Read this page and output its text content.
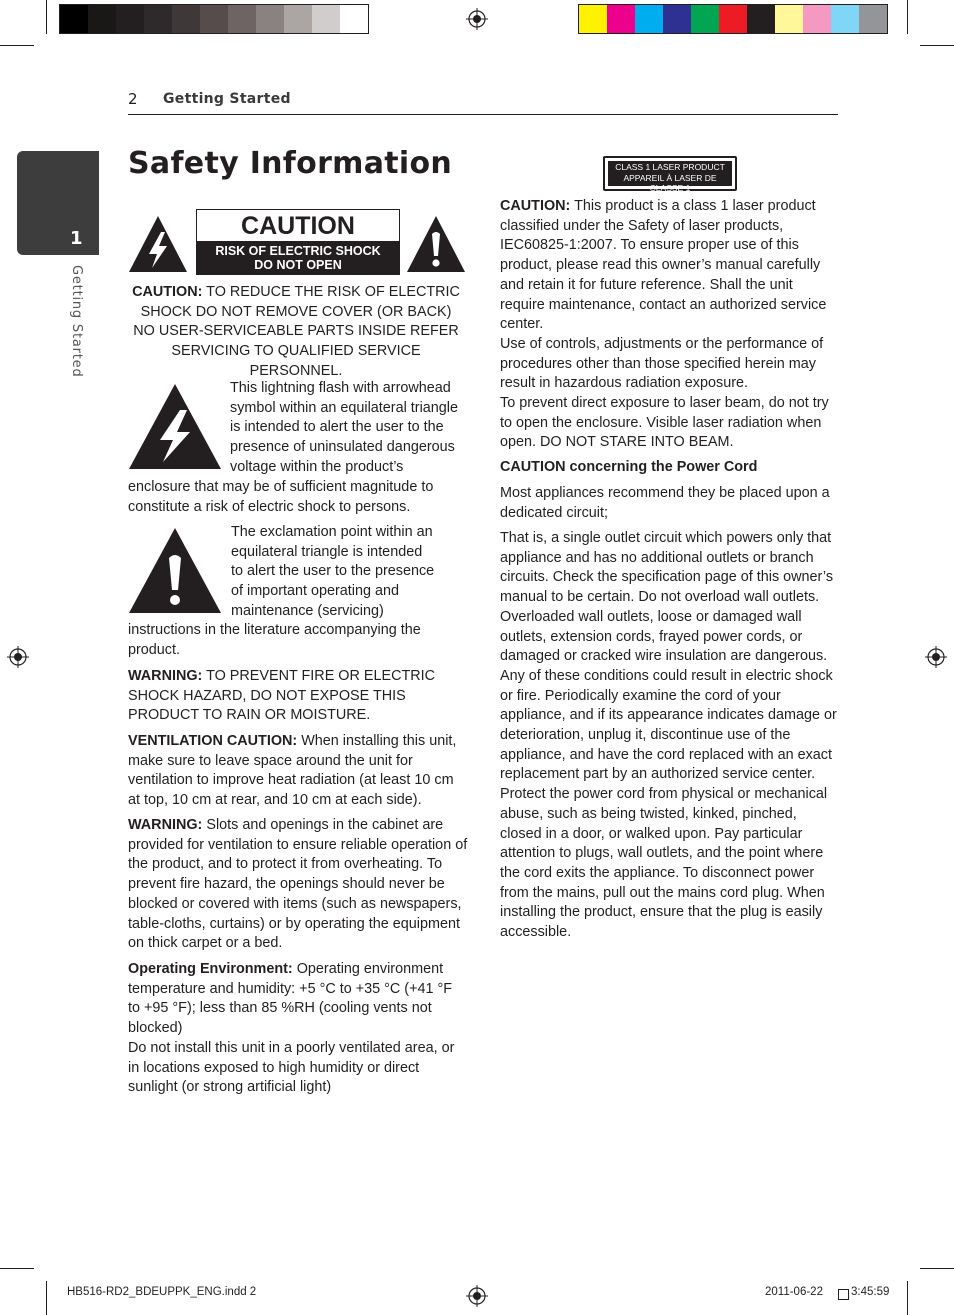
2 Getting Started
1
Getting Started
Safety Information
CAUTION
RISK OF ELECTRIC SHOCK
DO NOT OPEN
CAUTION: TO REDUCE THE RISK OF ELECTRIC SHOCK DO NOT REMOVE COVER (OR BACK) NO USER-SERVICEABLE PARTS INSIDE REFER SERVICING TO QUALIFIED SERVICE PERSONNEL.
This lightning flash with arrowhead
symbol within an equilateral triangle
is intended to alert the user to the
presence of uninsulated dangerous
voltage within the product’s
enclosure that may be of sufficient magnitude to constitute a risk of electric shock to persons.
The exclamation point within an
equilateral triangle is intended
to alert the user to the presence
of important operating and
maintenance (servicing)
instructions in the literature accompanying the product.
WARNING: TO PREVENT FIRE OR ELECTRIC SHOCK HAZARD, DO NOT EXPOSE THIS PRODUCT TO RAIN OR MOISTURE.
VENTILATION CAUTION: When installing this unit, make sure to leave space around the unit for ventilation to improve heat radiation (at least 10 cm at top, 10 cm at rear, and 10 cm at each side).
WARNING: Slots and openings in the cabinet are provided for ventilation to ensure reliable operation of the product, and to protect it from overheating. To prevent fire hazard, the openings should never be blocked or covered with items (such as newspapers, table-cloths, curtains) or by operating the equipment on thick carpet or a bed.
Operating Environment: Operating environment temperature and humidity: +5 °C to +35 °C (+41 °F to +95 °F); less than 85 %RH (cooling vents not blocked)
Do not install this unit in a poorly ventilated area, or in locations exposed to high humidity or direct sunlight (or strong artificial light)
CLASS 1 LASER PRODUCT
APPAREIL À LASER DE CLASSE 1
CAUTION: This product is a class 1 laser product classified under the Safety of laser products, IEC60825-1:2007. To ensure proper use of this product, please read this owner’s manual carefully and retain it for future reference. Shall the unit require maintenance, contact an authorized service center.
Use of controls, adjustments or the performance of procedures other than those specified herein may result in hazardous radiation exposure.
To prevent direct exposure to laser beam, do not try to open the enclosure. Visible laser radiation when open. DO NOT STARE INTO BEAM.
CAUTION concerning the Power Cord
Most appliances recommend they be placed upon a dedicated circuit;
That is, a single outlet circuit which powers only that appliance and has no additional outlets or branch circuits. Check the specification page of this owner’s manual to be certain. Do not overload wall outlets. Overloaded wall outlets, loose or damaged wall outlets, extension cords, frayed power cords, or damaged or cracked wire insulation are dangerous. Any of these conditions could result in electric shock or fire. Periodically examine the cord of your appliance, and if its appearance indicates damage or deterioration, unplug it, discontinue use of the appliance, and have the cord replaced with an exact replacement part by an authorized service center. Protect the power cord from physical or mechanical abuse, such as being twisted, kinked, pinched, closed in a door, or walked upon. Pay particular attention to plugs, wall outlets, and the point where the cord exits the appliance. To disconnect power from the mains, pull out the mains cord plug. When installing the product, ensure that the plug is easily accessible.
HB516-RD2_BDEUPPK_ENG.indd 2	2011-06-22 3:45:59
